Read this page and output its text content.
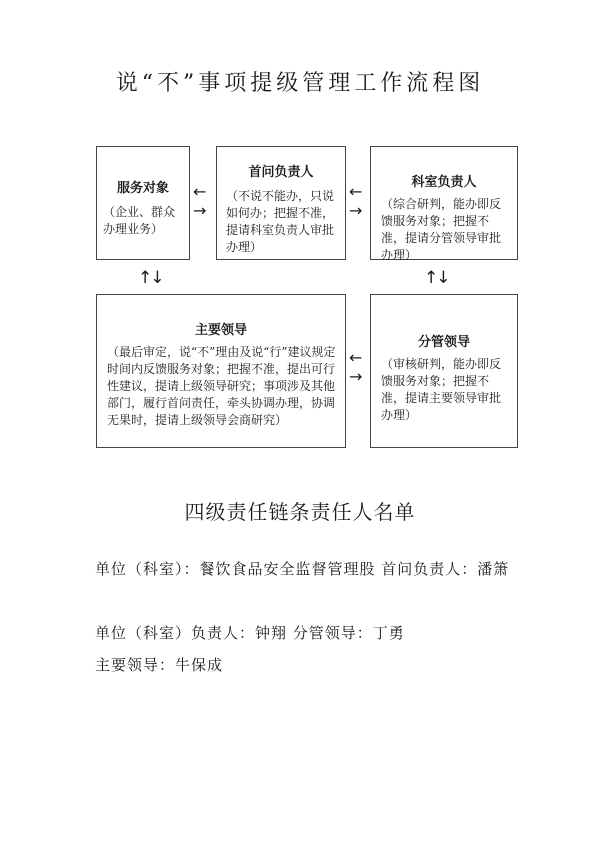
说“不”事项提级管理工作流程图
服务对象
（企业、群众办理业务）
←
→
首问负责人
（不说不能办，只说如何办；把握不准，提请科室负责人审批办理）
←
→
科室负责人
（综合研判，能办即反馈服务对象；把握不准，提请分管领导审批办理）
↑↓	↑↓
主要领导
（最后审定，说“不”理由及说“行”建议规定时间内反馈服务对象；把握不准，提出可行性建议，提请上级领导研究；事项涉及其他部门，履行首问责任，牵头协调办理，协调无果时，提请上级领导会商研究）
←
→
分管领导
（审核研判，能办即反馈服务对象；把握不准，提请主要领导审批办理）
四级责任链条责任人名单
单位（科室）：餐饮食品安全监督管理股 首问负责人：潘箫
单位（科室）负责人：钟翔 分管领导：丁勇
主要领导：牛保成
